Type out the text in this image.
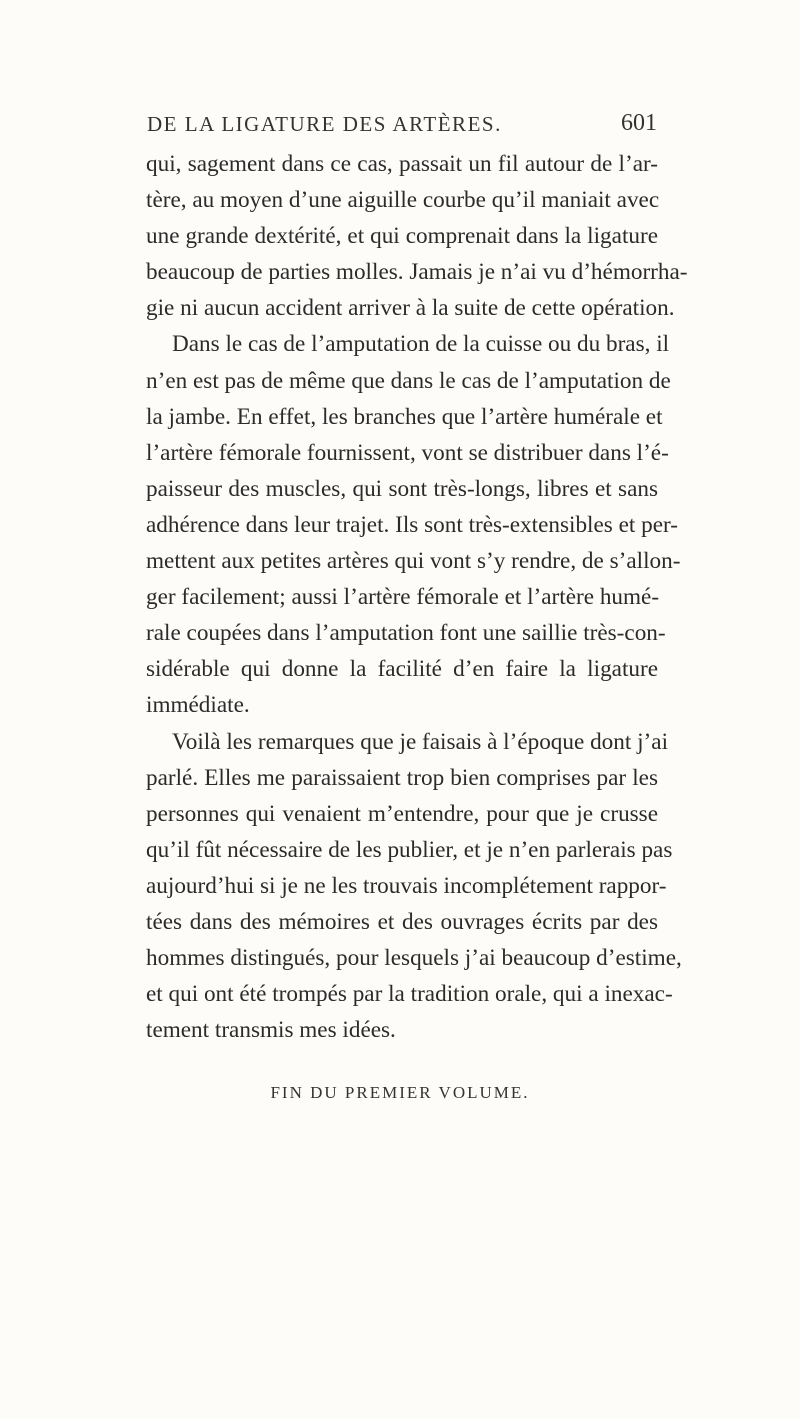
DE LA LIGATURE DES ARTÈRES.	601
qui, sagement dans ce cas, passait un fil autour de l’ar-
tère, au moyen d’une aiguille courbe qu’il maniait avec
une grande dextérité, et qui comprenait dans la ligature
beaucoup de parties molles. Jamais je n’ai vu d’hémorrha-
gie ni aucun accident arriver à la suite de cette opération.
Dans le cas de l’amputation de la cuisse ou du bras, il
n’en est pas de même que dans le cas de l’amputation de
la jambe. En effet, les branches que l’artère humérale et
l’artère fémorale fournissent, vont se distribuer dans l’é-
paisseur des muscles, qui sont très-longs, libres et sans
adhérence dans leur trajet. Ils sont très-extensibles et per-
mettent aux petites artères qui vont s’y rendre, de s’allon-
ger facilement; aussi l’artère fémorale et l’artère humé-
rale coupées dans l’amputation font une saillie très-con-
sidérable qui donne la facilité d’en faire la ligature
immédiate.
Voilà les remarques que je faisais à l’époque dont j’ai
parlé. Elles me paraissaient trop bien comprises par les
personnes qui venaient m’entendre, pour que je crusse
qu’il fût nécessaire de les publier, et je n’en parlerais pas
aujourd’hui si je ne les trouvais incomplétement rappor-
tées dans des mémoires et des ouvrages écrits par des
hommes distingués, pour lesquels j’ai beaucoup d’estime,
et qui ont été trompés par la tradition orale, qui a inexac-
tement transmis mes idées.
FIN DU PREMIER VOLUME.
